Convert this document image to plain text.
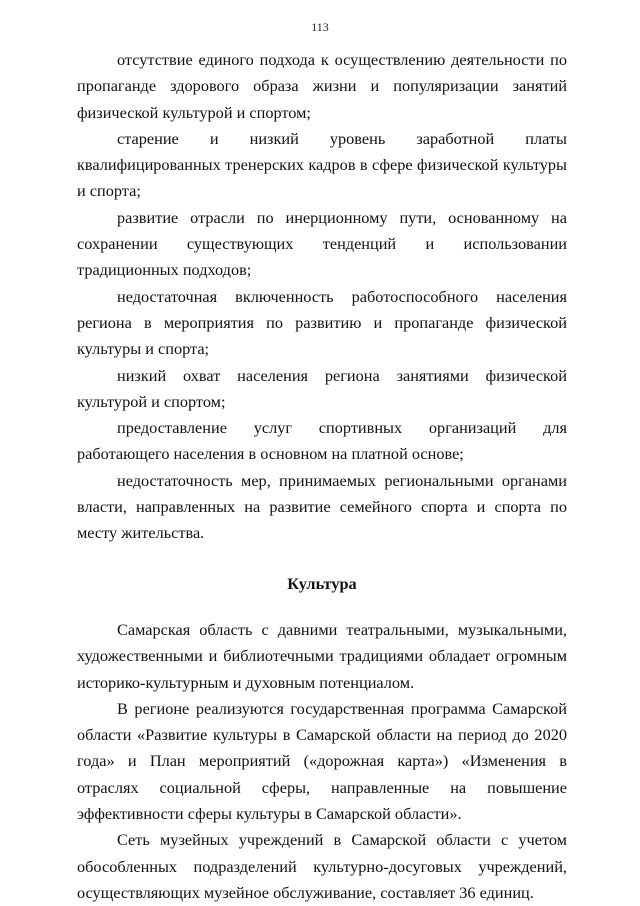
113

отсутствие единого подхода к осуществлению деятельности по пропаганде здорового образа жизни и популяризации занятий физической культурой и спортом;

старение и низкий уровень заработной платы квалифицированных тренерских кадров в сфере физической культуры и спорта;

развитие отрасли по инерционному пути, основанному на сохранении существующих тенденций и использовании традиционных подходов;

недостаточная включенность работоспособного населения региона в мероприятия по развитию и пропаганде физической культуры и спорта;

низкий охват населения региона занятиями физической культурой и спортом;

предоставление услуг спортивных организаций для работающего населения в основном на платной основе;

недостаточность мер, принимаемых региональными органами власти, направленных на развитие семейного спорта и спорта по месту жительства.

Культура

Самарская область с давними театральными, музыкальными, художественными и библиотечными традициями обладает огромным историко-культурным и духовным потенциалом.

В регионе реализуются государственная программа Самарской области «Развитие культуры в Самарской области на период до 2020 года» и План мероприятий («дорожная карта») «Изменения в отраслях социальной сферы, направленные на повышение эффективности сферы культуры в Самарской области».

Сеть музейных учреждений в Самарской области с учетом обособленных подразделений культурно-досуговых учреждений, осуществляющих музейное обслуживание, составляет 36 единиц.
